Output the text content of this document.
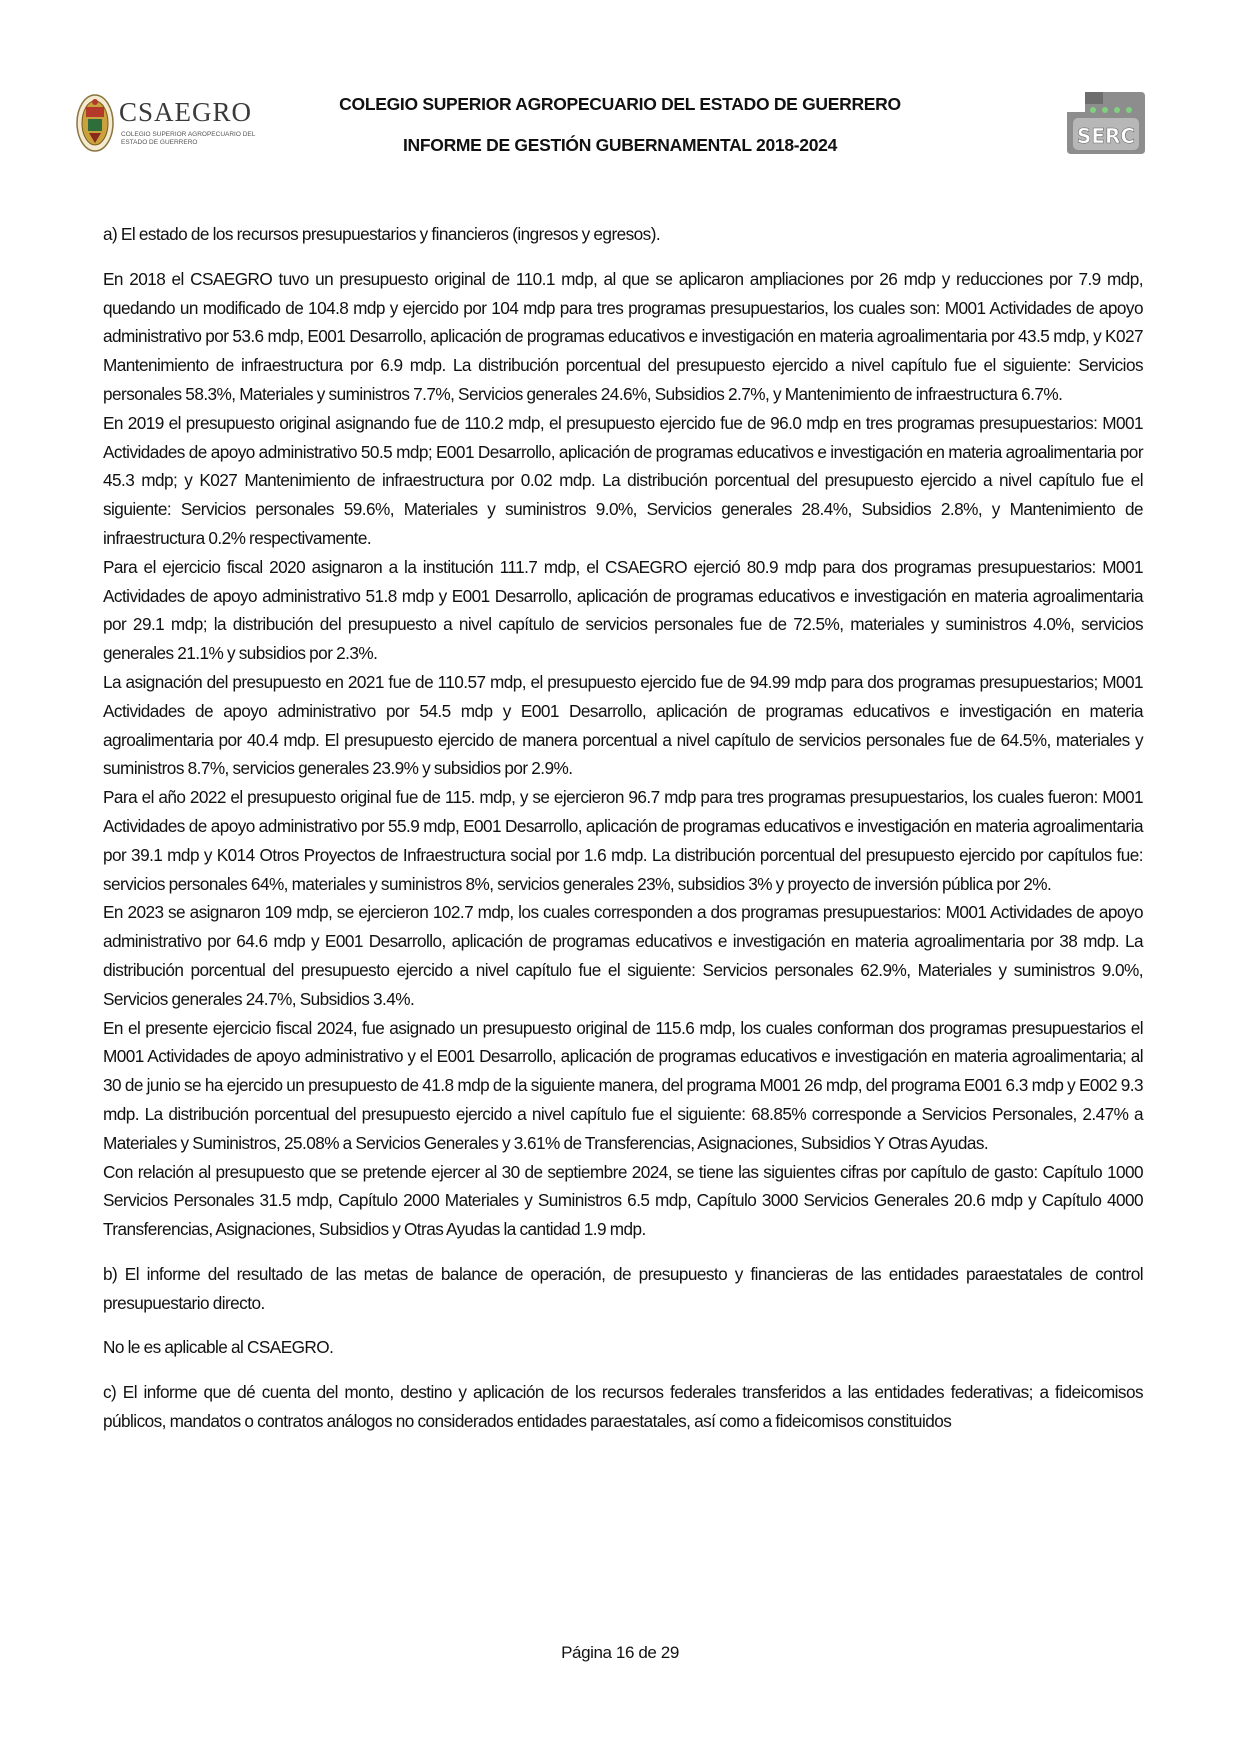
CSAEGRO
COLEGIO SUPERIOR AGROPECUARIO DEL ESTADO DE GUERRERO
COLEGIO SUPERIOR AGROPECUARIO DEL ESTADO DE GUERRERO
INFORME DE GESTIÓN GUBERNAMENTAL 2018-2024	SERC

a) El estado de los recursos presupuestarios y financieros (ingresos y egresos).

En 2018 el CSAEGRO tuvo un presupuesto original de 110.1 mdp, al que se aplicaron ampliaciones por 26 mdp y reducciones por 7.9 mdp, quedando un modificado de 104.8 mdp y ejercido por 104 mdp para tres programas presupuestarios, los cuales son: M001 Actividades de apoyo administrativo por 53.6 mdp, E001 Desarrollo, aplicación de programas educativos e investigación en materia agroalimentaria por 43.5 mdp, y K027 Mantenimiento de infraestructura por 6.9 mdp. La distribución porcentual del presupuesto ejercido a nivel capítulo fue el siguiente: Servicios personales 58.3%, Materiales y suministros 7.7%, Servicios generales 24.6%, Subsidios 2.7%, y Mantenimiento de infraestructura 6.7%.

En 2019 el presupuesto original asignando fue de 110.2 mdp, el presupuesto ejercido fue de 96.0 mdp en tres programas presupuestarios: M001 Actividades de apoyo administrativo 50.5 mdp; E001 Desarrollo, aplicación de programas educativos e investigación en materia agroalimentaria por 45.3 mdp; y K027 Mantenimiento de infraestructura por 0.02 mdp. La distribución porcentual del presupuesto ejercido a nivel capítulo fue el siguiente: Servicios personales 59.6%, Materiales y suministros 9.0%, Servicios generales 28.4%, Subsidios 2.8%, y Mantenimiento de infraestructura 0.2% respectivamente.

Para el ejercicio fiscal 2020 asignaron a la institución 111.7 mdp, el CSAEGRO ejerció 80.9 mdp para dos programas presupuestarios: M001 Actividades de apoyo administrativo 51.8 mdp y E001 Desarrollo, aplicación de programas educativos e investigación en materia agroalimentaria por 29.1 mdp; la distribución del presupuesto a nivel capítulo de servicios personales fue de 72.5%, materiales y suministros 4.0%, servicios generales 21.1% y subsidios por 2.3%.

La asignación del presupuesto en 2021 fue de 110.57 mdp, el presupuesto ejercido fue de 94.99 mdp para dos programas presupuestarios; M001 Actividades de apoyo administrativo por 54.5 mdp y E001 Desarrollo, aplicación de programas educativos e investigación en materia agroalimentaria por 40.4 mdp. El presupuesto ejercido de manera porcentual a nivel capítulo de servicios personales fue de 64.5%, materiales y suministros 8.7%, servicios generales 23.9% y subsidios por 2.9%.

Para el año 2022 el presupuesto original fue de 115. mdp, y se ejercieron 96.7 mdp para tres programas presupuestarios, los cuales fueron: M001 Actividades de apoyo administrativo por 55.9 mdp, E001 Desarrollo, aplicación de programas educativos e investigación en materia agroalimentaria por 39.1 mdp y K014 Otros Proyectos de Infraestructura social por 1.6 mdp. La distribución porcentual del presupuesto ejercido por capítulos fue: servicios personales 64%, materiales y suministros 8%, servicios generales 23%, subsidios 3% y proyecto de inversión pública por 2%.

En 2023 se asignaron 109 mdp, se ejercieron 102.7 mdp, los cuales corresponden a dos programas presupuestarios: M001 Actividades de apoyo administrativo por 64.6 mdp y E001 Desarrollo, aplicación de programas educativos e investigación en materia agroalimentaria por 38 mdp. La distribución porcentual del presupuesto ejercido a nivel capítulo fue el siguiente: Servicios personales 62.9%, Materiales y suministros 9.0%, Servicios generales 24.7%, Subsidios 3.4%.

En el presente ejercicio fiscal 2024, fue asignado un presupuesto original de 115.6 mdp, los cuales conforman dos programas presupuestarios el M001 Actividades de apoyo administrativo y el E001 Desarrollo, aplicación de programas educativos e investigación en materia agroalimentaria; al 30 de junio se ha ejercido un presupuesto de 41.8 mdp de la siguiente manera, del programa M001 26 mdp, del programa E001 6.3 mdp y E002 9.3 mdp. La distribución porcentual del presupuesto ejercido a nivel capítulo fue el siguiente: 68.85% corresponde a Servicios Personales, 2.47% a Materiales y Suministros, 25.08% a Servicios Generales y 3.61% de Transferencias, Asignaciones, Subsidios Y Otras Ayudas.

Con relación al presupuesto que se pretende ejercer al 30 de septiembre 2024, se tiene las siguientes cifras por capítulo de gasto: Capítulo 1000 Servicios Personales 31.5 mdp, Capítulo 2000 Materiales y Suministros 6.5 mdp, Capítulo 3000 Servicios Generales 20.6 mdp y Capítulo 4000 Transferencias, Asignaciones, Subsidios y Otras Ayudas la cantidad 1.9 mdp.

b) El informe del resultado de las metas de balance de operación, de presupuesto y financieras de las entidades paraestatales de control presupuestario directo.

No le es aplicable al CSAEGRO.

c) El informe que dé cuenta del monto, destino y aplicación de los recursos federales transferidos a las entidades federativas; a fideicomisos públicos, mandatos o contratos análogos no considerados entidades paraestatales, así como a fideicomisos constituidos

Página 16 de 29
